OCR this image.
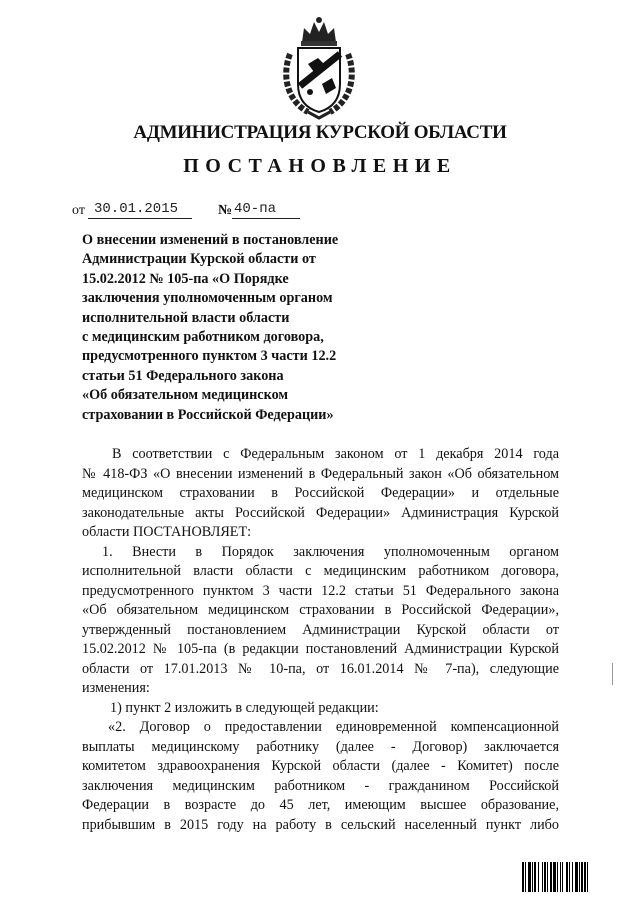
АДМИНИСТРАЦИЯ КУРСКОЙ ОБЛАСТИ
ПОСТАНОВЛЕНИЕ
от 30.01.2015	№ 40-па
О внесении изменений в постановление
Администрации Курской области от
15.02.2012 № 105-па «О Порядке
заключения уполномоченным органом
исполнительной власти области
с медицинским работником договора,
предусмотренного пунктом 3 части 12.2
статьи 51 Федерального закона
«Об обязательном медицинском
страховании в Российской Федерации»
В соответствии с Федеральным законом от 1 декабря 2014 года
№ 418-ФЗ «О внесении изменений в Федеральный закон «Об обязательном
медицинском страховании в Российской Федерации» и отдельные
законодательные акты Российской Федерации» Администрация Курской
области ПОСТАНОВЛЯЕТ:
1. Внести в Порядок заключения уполномоченным органом
исполнительной власти области с медицинским работником договора,
предусмотренного пунктом 3 части 12.2 статьи 51 Федерального закона
«Об обязательном медицинском страховании в Российской Федерации»,
утвержденный постановлением Администрации Курской области от
15.02.2012 № 105-па (в редакции постановлений Администрации Курской
области от 17.01.2013 № 10-па, от 16.01.2014 № 7-па), следующие
изменения:
1) пункт 2 изложить в следующей редакции:
«2. Договор о предоставлении единовременной компенсационной
выплаты медицинскому работнику (далее - Договор) заключается
комитетом здравоохранения Курской области (далее - Комитет) после
заключения медицинским работником - гражданином Российской
Федерации в возрасте до 45 лет, имеющим высшее образование,
прибывшим в 2015 году на работу в сельский населенный пункт либо
